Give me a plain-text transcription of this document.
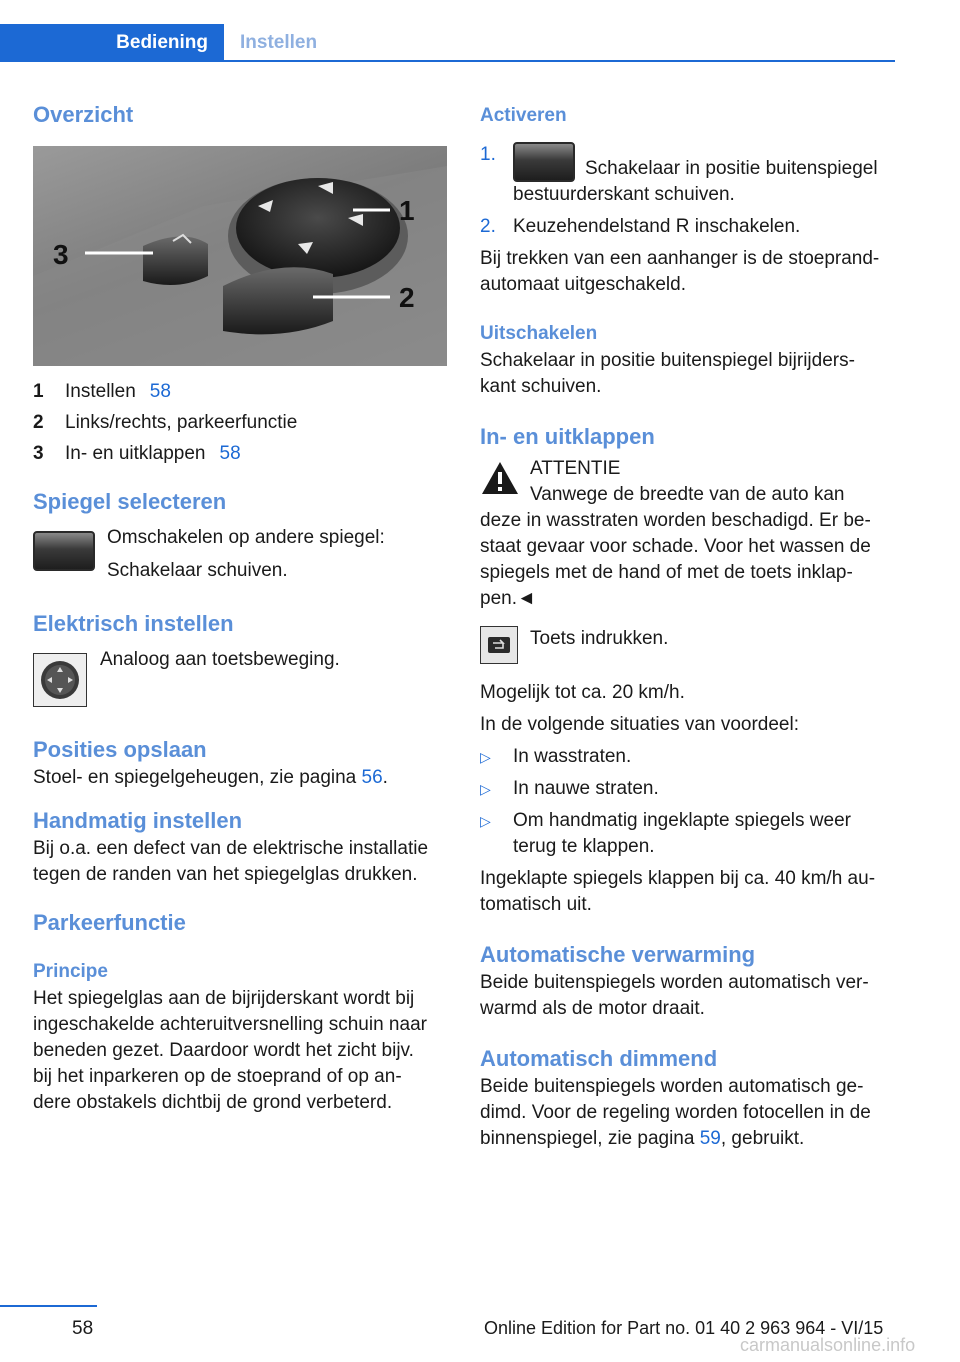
Bediening	Instellen
Overzicht
1
2
3
1	Instellen 58
2	Links/rechts, parkeerfunctie
3	In- en uitklappen 58
Spiegel selecteren

Omschakelen op andere spiegel:

Schakelaar schuiven.

Elektrisch instellen

Analoog aan toetsbeweging.

Posities opslaan

Stoel- en spiegelgeheugen, zie pagina 56.

Handmatig instellen

Bij o.a. een defect van de elektrische installatie

tegen de randen van het spiegelglas drukken.

Parkeerfunctie
Principe

Het spiegelglas aan de bijrijderskant wordt bij

ingeschakelde achteruitversnelling schuin naar

beneden gezet. Daardoor wordt het zicht bijv.

bij het inparkeren op de stoeprand of op an-

dere obstakels dichtbij de grond verbeterd.

Activeren
1.
Schakelaar in positie buitenspiegel
bestuurderskant schuiven.
2. Keuzehendelstand R inschakelen.

Bij trekken van een aanhanger is de stoeprand-

automaat uitgeschakeld.

Uitschakelen

Schakelaar in positie buitenspiegel bijrijders-

kant schuiven.

In- en uitklappen

ATTENTIE

Vanwege de breedte van de auto kan

deze in wasstraten worden beschadigd. Er be-

staat gevaar voor schade. Voor het wassen de

spiegels met de hand of met de toets inklap-

pen.◄

Toets indrukken.

Mogelijk tot ca. 20 km/h.

In de volgende situaties van voordeel:

▷	In wasstraten.
▷	In nauwe straten.
▷	Om handmatig ingeklapte spiegels weer
terug te klappen.

Ingeklapte spiegels klappen bij ca. 40 km/h au-

tomatisch uit.

Automatische verwarming

Beide buitenspiegels worden automatisch ver-

warmd als de motor draait.

Automatisch dimmend

Beide buitenspiegels worden automatisch ge-

dimd. Voor de regeling worden fotocellen in de

binnenspiegel, zie pagina 59, gebruikt.

58	Online Edition for Part no. 01 40 2 963 964 - VI/15
carmanualsonline.info
